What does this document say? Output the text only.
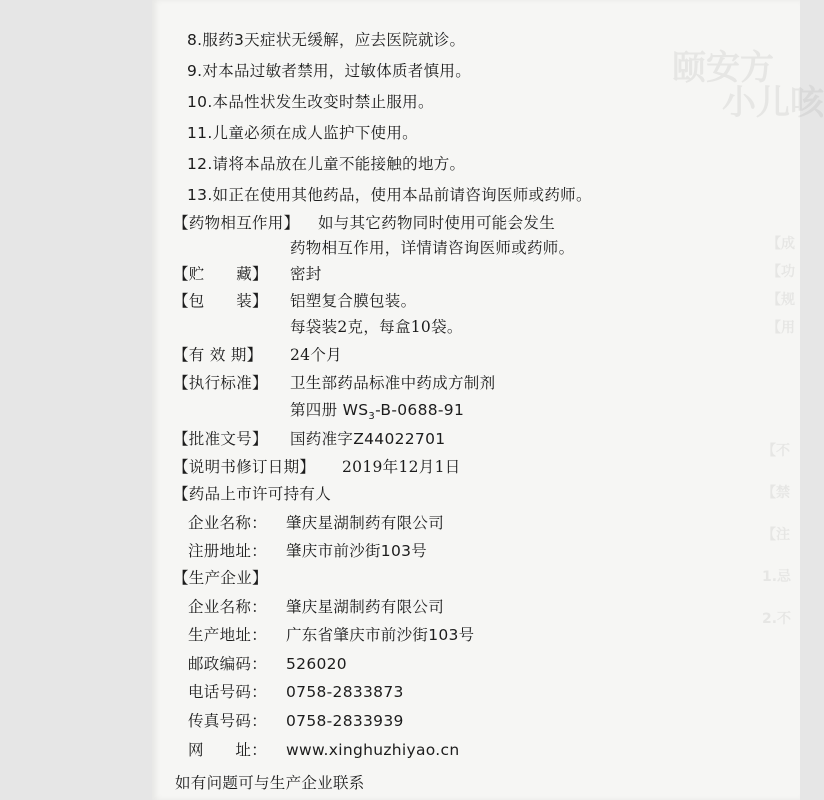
颐安方
小儿咳
【成
【功
【规
【用
【不
【禁
【注
1.忌
2.不
8.服药3天症状无缓解，应去医院就诊。
9.对本品过敏者禁用，过敏体质者慎用。
10.本品性状发生改变时禁止服用。
11.儿童必须在成人监护下使用。
12.请将本品放在儿童不能接触的地方。
13.如正在使用其他药品，使用本品前请咨询医师或药师。
【药物相互作用】 如与其它药物同时使用可能会发生
药物相互作用，详情请咨询医师或药师。
【贮　　藏】 密封
【包　　装】 铝塑复合膜包装。
每袋装2克，每盒10袋。
【有 效 期】 24个月
【执行标准】 卫生部药品标准中药成方制剂
第四册 $WS_3-B-0688-91$
【批准文号】 国药准字Z44022701
【说明书修订日期】 2019年12月1日
【药品上市许可持有人
企业名称： 肇庆星湖制药有限公司
注册地址： 肇庆市前沙街103号
【生产企业】
企业名称： 肇庆星湖制药有限公司
生产地址： 广东省肇庆市前沙街103号
邮政编码： 526020
电话号码： 0758-2833873
传真号码： 0758-2833939
网　　址： www.xinghuzhiyao.cn
如有问题可与生产企业联系
